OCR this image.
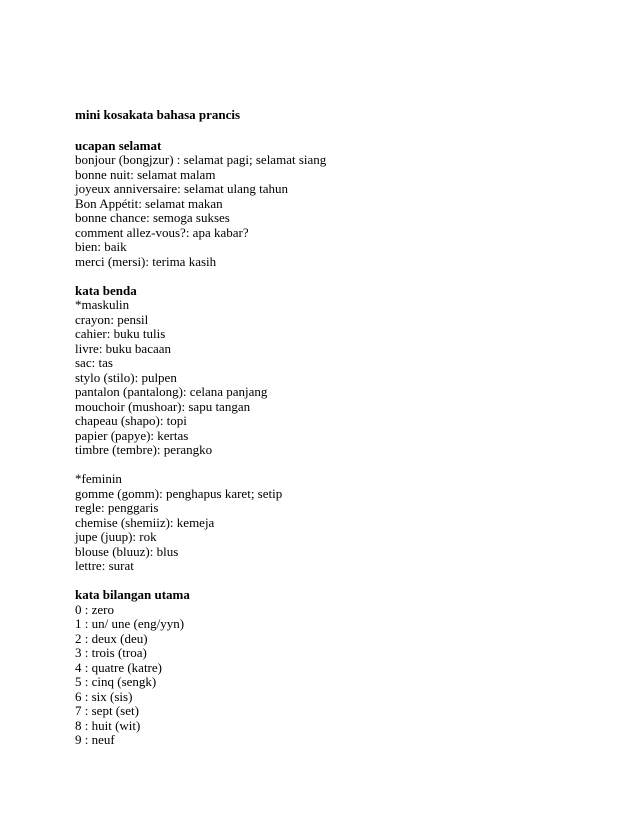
mini kosakata bahasa prancis
ucapan selamat
bonjour (bongjzur) : selamat pagi; selamat siang
bonne nuit: selamat malam
joyeux anniversaire: selamat ulang tahun
Bon Appétit: selamat makan
bonne chance: semoga sukses
comment allez-vous?: apa kabar?
bien: baik
merci (mersi): terima kasih
kata benda
*maskulin
crayon: pensil
cahier: buku tulis
livre: buku bacaan
sac: tas
stylo (stilo): pulpen
pantalon (pantalong): celana panjang
mouchoir (mushoar): sapu tangan
chapeau (shapo): topi
papier (papye): kertas
timbre (tembre): perangko
*feminin
gomme (gomm): penghapus karet; setip
regle: penggaris
chemise (shemiiz): kemeja
jupe (juup): rok
blouse (bluuz): blus
lettre: surat
kata bilangan utama
0 : zero
1 : un/ une (eng/yyn)
2 : deux (deu)
3 : trois (troa)
4 : quatre (katre)
5 : cinq (sengk)
6 : six (sis)
7 : sept (set)
8 : huit (wit)
9 : neuf
